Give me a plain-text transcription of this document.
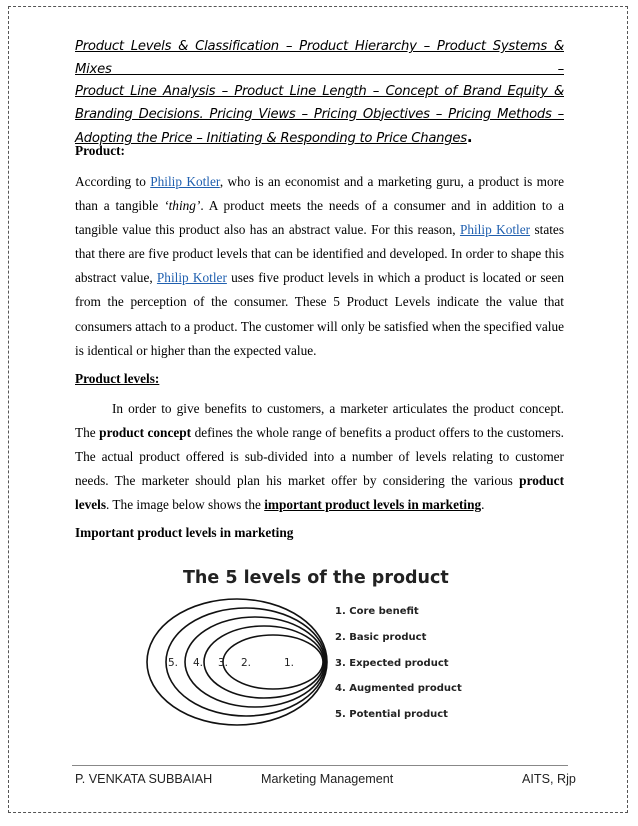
Product Levels & Classification – Product Hierarchy – Product Systems & Mixes –
Product Line Analysis – Product Line Length – Concept of Brand Equity &
Branding Decisions. Pricing Views – Pricing Objectives – Pricing Methods –
Adopting the Price – Initiating & Responding to Price Changes.
Product:
According to Philip Kotler, who is an economist and a marketing guru, a product is more than a tangible ‘thing’. A product meets the needs of a consumer and in addition to a tangible value this product also has an abstract value. For this reason, Philip Kotler states that there are five product levels that can be identified and developed. In order to shape this abstract value, Philip Kotler uses five product levels in which a product is located or seen from the perception of the consumer. These 5 Product Levels indicate the value that consumers attach to a product. The customer will only be satisfied when the specified value is identical or higher than the expected value.
Product levels:
In order to give benefits to customers, a marketer articulates the product concept. The product concept defines the whole range of benefits a product offers to the customers. The actual product offered is sub-divided into a number of levels relating to customer needs. The marketer should plan his market offer by considering the various product levels. The image below shows the important product levels in marketing.
Important product levels in marketing
The 5 levels of the product
1.
2.
3.
4.
5.
1. Core benefit
2. Basic product
3. Expected product
4. Augmented product
5. Potential product
P. VENKATA SUBBAIAH	Marketing Management	AITS, Rjp
